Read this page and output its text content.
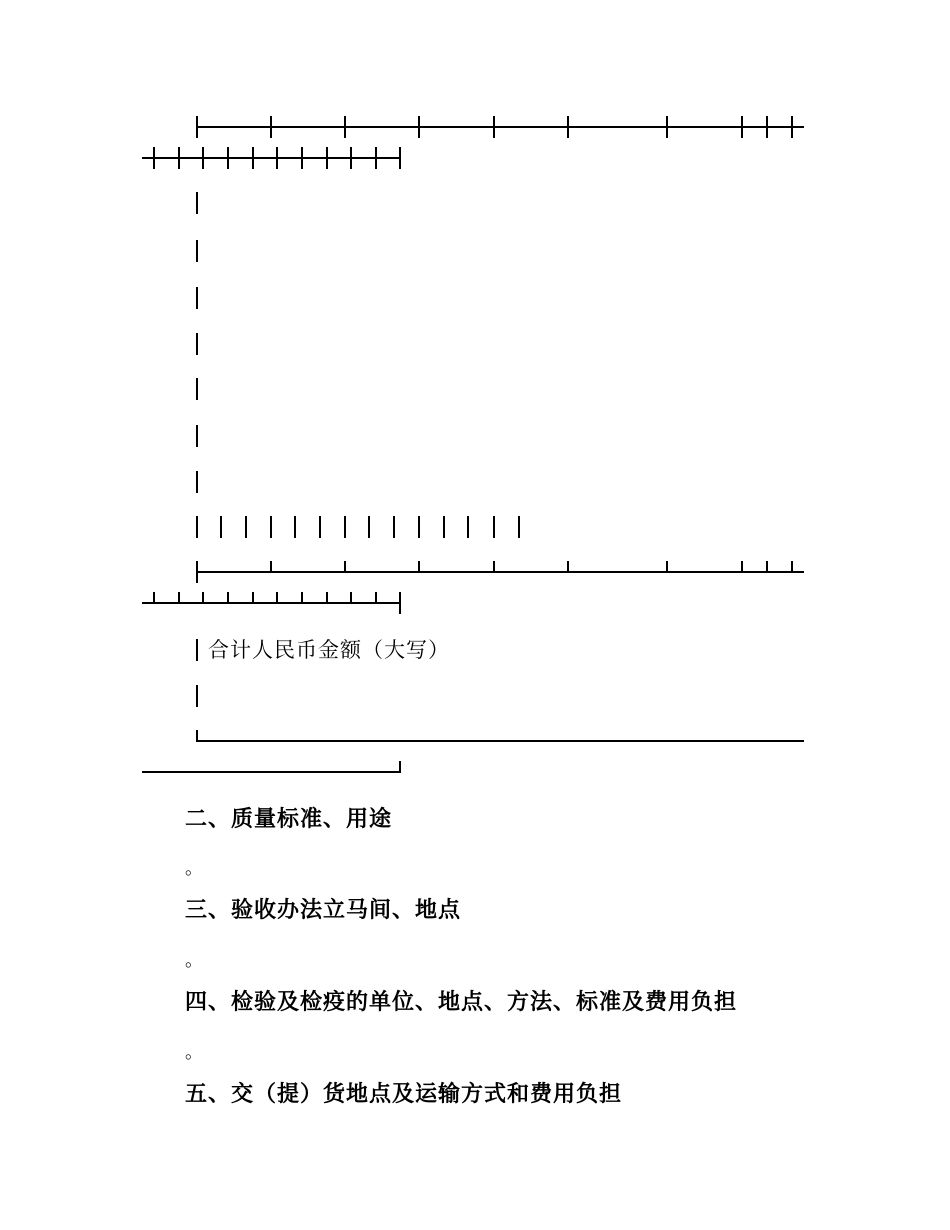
合计人民币金额（大写）
二、质量标准、用途
。
三、验收办法立马间、地点
。
四、检验及检疫的单位、地点、方法、标准及费用负担
。
五、交（提）货地点及运输方式和费用负担
